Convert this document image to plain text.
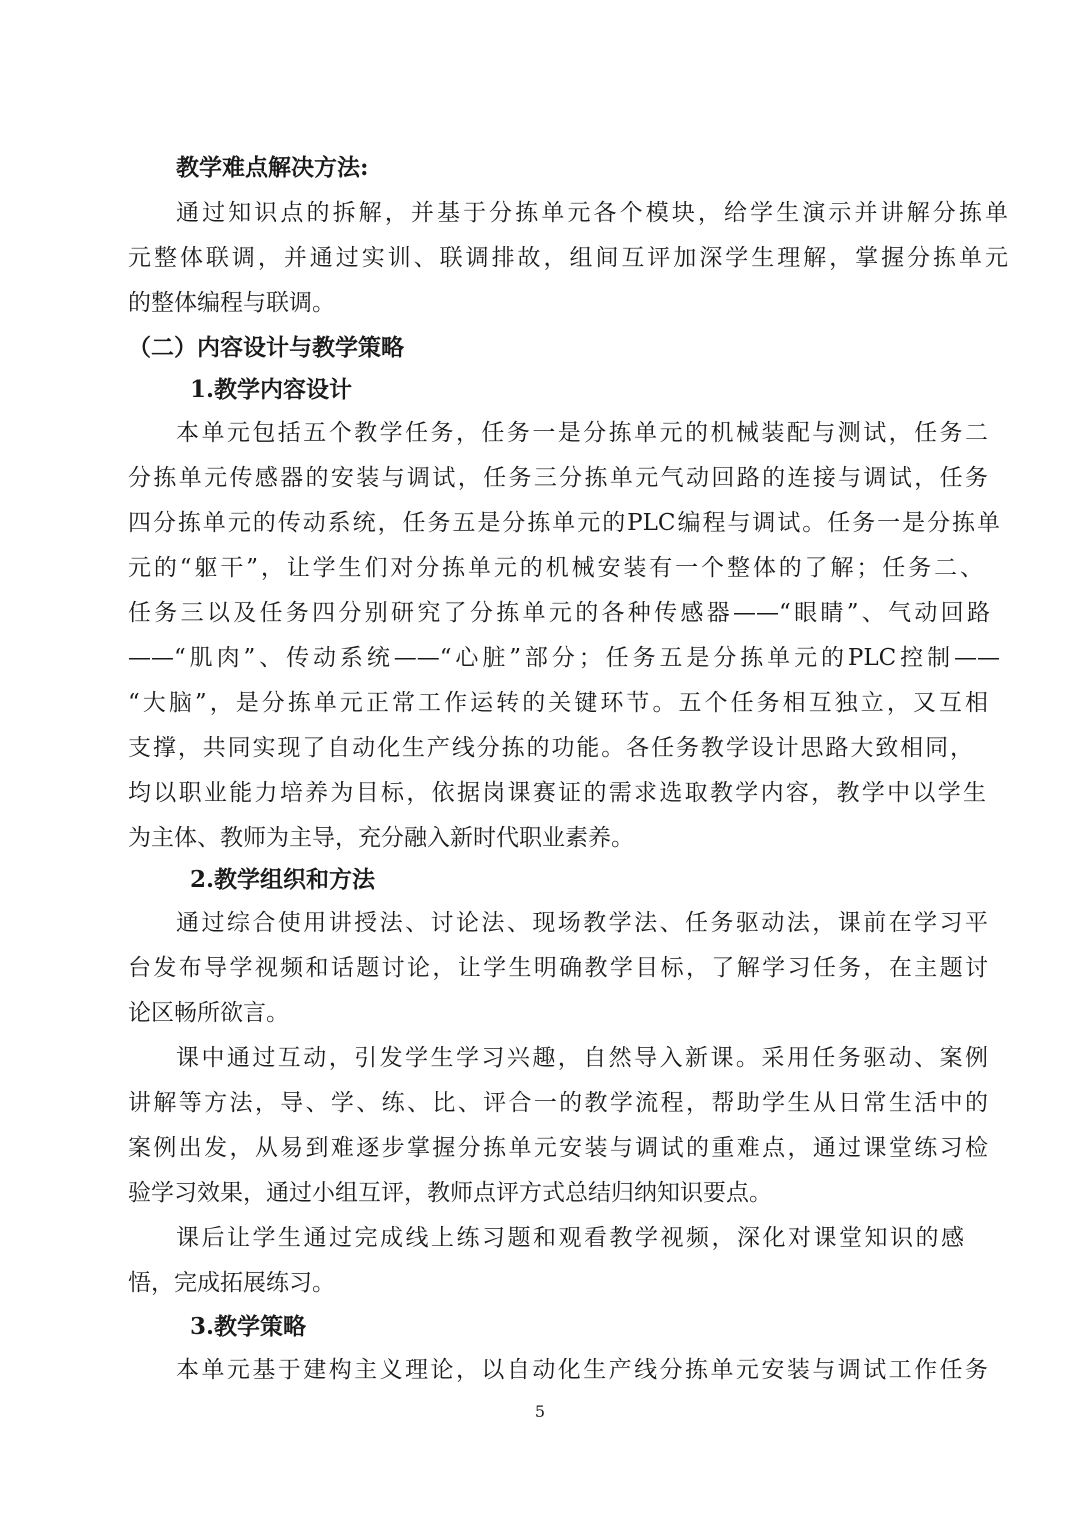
教学难点解决方法:
通过知识点的拆解，并基于分拣单元各个模块，给学生演示并讲解分拣单
元整体联调，并通过实训、联调排故，组间互评加深学生理解，掌握分拣单元
的整体编程与联调。
（二）内容设计与教学策略
1.教学内容设计
本单元包括五个教学任务，任务一是分拣单元的机械装配与测试，任务二
分拣单元传感器的安装与调试，任务三分拣单元气动回路的连接与调试，任务
四分拣单元的传动系统，任务五是分拣单元的PLC编程与调试。任务一是分拣单
元的“躯干”，让学生们对分拣单元的机械安装有一个整体的了解；任务二、
任务三以及任务四分别研究了分拣单元的各种传感器——“眼睛”、气动回路
——“肌肉”、传动系统——“心脏”部分；任务五是分拣单元的PLC控制——
“大脑”，是分拣单元正常工作运转的关键环节。五个任务相互独立，又互相
支撑，共同实现了自动化生产线分拣的功能。各任务教学设计思路大致相同，
均以职业能力培养为目标，依据岗课赛证的需求选取教学内容，教学中以学生
为主体、教师为主导，充分融入新时代职业素养。
2.教学组织和方法
通过综合使用讲授法、讨论法、现场教学法、任务驱动法，课前在学习平
台发布导学视频和话题讨论，让学生明确教学目标，了解学习任务，在主题讨
论区畅所欲言。
课中通过互动，引发学生学习兴趣，自然导入新课。采用任务驱动、案例
讲解等方法，导、学、练、比、评合一的教学流程，帮助学生从日常生活中的
案例出发，从易到难逐步掌握分拣单元安装与调试的重难点，通过课堂练习检
验学习效果，通过小组互评，教师点评方式总结归纳知识要点。
课后让学生通过完成线上练习题和观看教学视频，深化对课堂知识的感
悟，完成拓展练习。
3.教学策略
本单元基于建构主义理论，以自动化生产线分拣单元安装与调试工作任务
5
